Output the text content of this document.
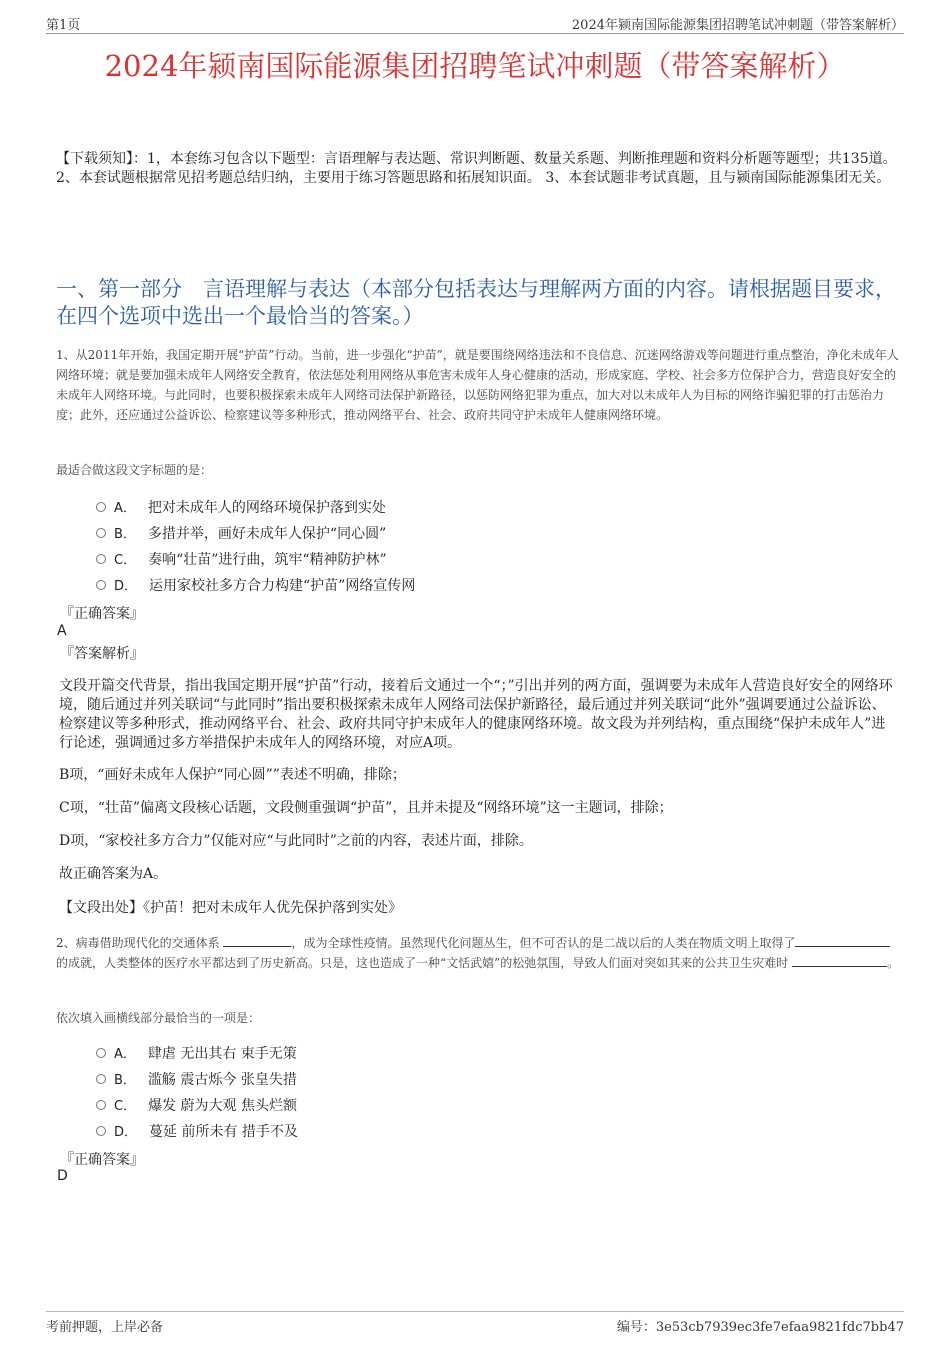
第1页	2024年颍南国际能源集团招聘笔试冲刺题（带答案解析）
2024年颍南国际能源集团招聘笔试冲刺题（带答案解析）
【下载须知】：1，本套练习包含以下题型：言语理解与表达题、常识判断题、数量关系题、判断推理题和资料分析题等题型；共135道。 2、本套试题根据常见招考题总结归纳，主要用于练习答题思路和拓展知识面。 3、本套试题非考试真题，且与颍南国际能源集团无关。
一、第一部分　言语理解与表达（本部分包括表达与理解两方面的内容。请根据题目要求，在四个选项中选出一个最恰当的答案。）
1、从2011年开始，我国定期开展“护苗”行动。当前，进一步强化“护苗”，就是要围绕网络违法和不良信息、沉迷网络游戏等问题进行重点整治，净化未成年人网络环境；就是要加强未成年人网络安全教育，依法惩处利用网络从事危害未成年人身心健康的活动，形成家庭、学校、社会多方位保护合力，营造良好安全的未成年人网络环境。与此同时，也要积极探索未成年人网络司法保护新路径，以惩防网络犯罪为重点，加大对以未成年人为目标的网络诈骗犯罪的打击惩治力度；此外，还应通过公益诉讼、检察建议等多种形式，推动网络平台、社会、政府共同守护未成年人健康网络环境。
最适合做这段文字标题的是：
A． 把对未成年人的网络环境保护落到实处
B． 多措并举，画好未成年人保护“同心圆”
C． 奏响“壮苗”进行曲，筑牢“精神防护林”
D． 运用家校社多方合力构建“护苗”网络宣传网
『正确答案』
A
『答案解析』
文段开篇交代背景，指出我国定期开展“护苗”行动，接着后文通过一个“；”引出并列的两方面，强调要为未成年人营造良好安全的网络环境，随后通过并列关联词“与此同时”指出要积极探索未成年人网络司法保护新路径，最后通过并列关联词“此外”强调要通过公益诉讼、检察建议等多种形式，推动网络平台、社会、政府共同守护未成年人的健康网络环境。故文段为并列结构，重点围绕“保护未成年人”进行论述，强调通过多方举措保护未成年人的网络环境，对应A项。
B项，“画好未成年人保护“同心圆””表述不明确，排除；
C项，“壮苗”偏离文段核心话题，文段侧重强调“护苗”，且并未提及“网络环境”这一主题词，排除；
D项，“家校社多方合力”仅能对应“与此同时”之前的内容，表述片面，排除。
故正确答案为A。
【文段出处】《护苗！把对未成年人优先保护落到实处》
2、病毒借助现代化的交通体系	，成为全球性疫情。虽然现代化问题丛生，但不可否认的是二战以后的人类在物质文明上取得了的成就，人类整体的医疗水平都达到了历史新高。只是，这也造成了一种“文恬武嬉”的松弛氛围，导致人们面对突如其来的公共卫生灾难时	。
依次填入画横线部分最恰当的一项是：
A． 肆虐 无出其右 束手无策
B． 滥觞 震古烁今 张皇失措
C． 爆发 蔚为大观 焦头烂额
D． 蔓延 前所未有 措手不及
『正确答案』
D
考前押题，上岸必备	编号：3e53cb7939ec3fe7efaa9821fdc7bb47
